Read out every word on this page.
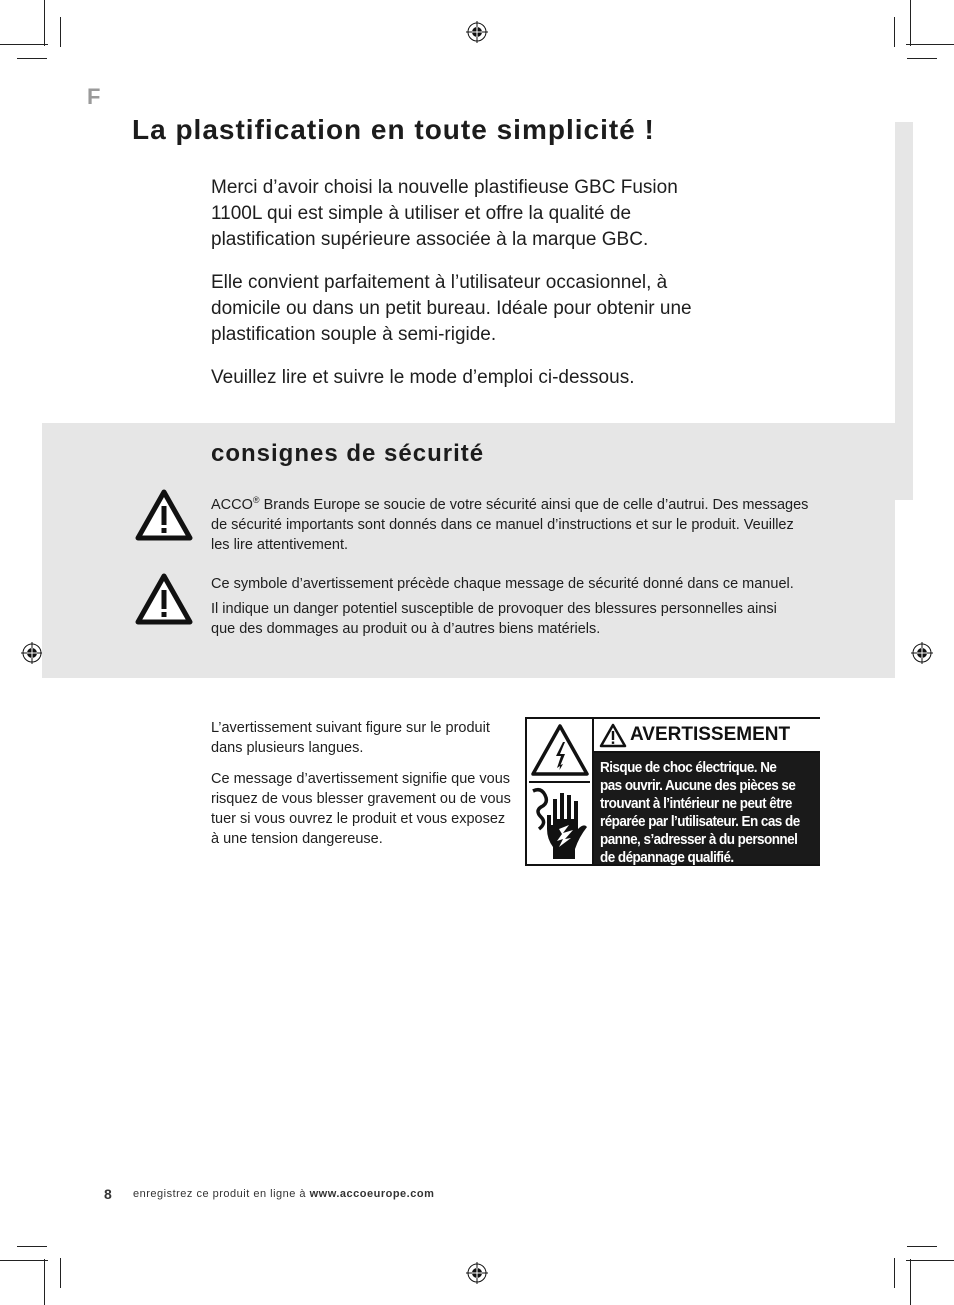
F
La plastification en toute simplicité !

Merci d’avoir choisi la nouvelle plastifieuse GBC Fusion 1100L qui est simple à utiliser et offre la qualité de plastification supérieure associée à la marque GBC.

Elle convient parfaitement à l’utilisateur occasionnel, à domicile ou dans un petit bureau. Idéale pour obtenir une plastification souple à semi-rigide.

Veuillez lire et suivre le mode d’emploi ci-dessous.

consignes de sécurité

ACCO® Brands Europe se soucie de votre sécurité ainsi que de celle d’autrui. Des messages de sécurité importants sont donnés dans ce manuel d’instructions et sur le produit. Veuillez les lire attentivement.

Ce symbole d’avertissement précède chaque message de sécurité donné dans ce manuel.

Il indique un danger potentiel susceptible de provoquer des blessures personnelles ainsi que des dommages au produit ou à d’autres biens matériels.

L’avertissement suivant figure sur le produit dans plusieurs langues.

Ce message d’avertissement signifie que vous risquez de vous blesser gravement ou de vous tuer si vous ouvrez le produit et vous exposez à une tension dangereuse.

AVERTISSEMENT
Risque de choc électrique. Ne
pas ouvrir. Aucune des pièces se
trouvant à l’intérieur ne peut être
réparée par l’utilisateur. En cas de
panne, s’adresser à du personnel
de dépannage qualifié.
8 enregistrez ce produit en ligne à www.accoeurope.com
